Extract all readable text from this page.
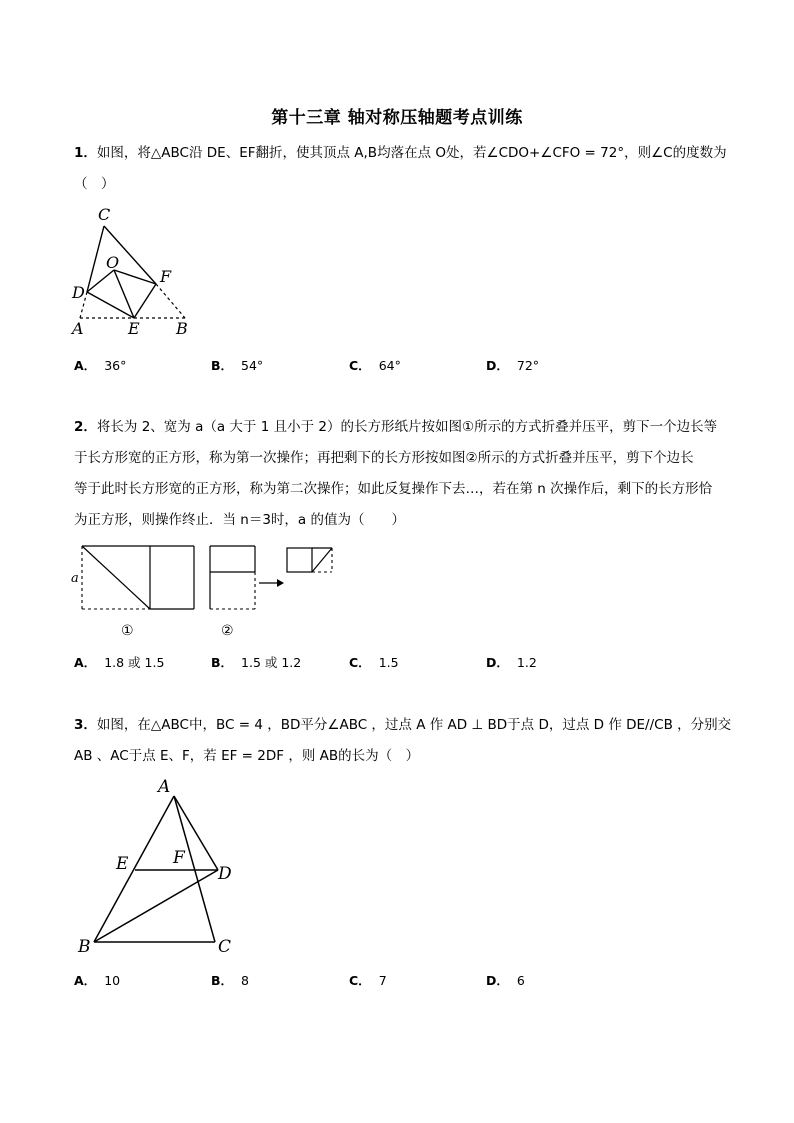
第十三章 轴对称压轴题考点训练
1．如图，将△ABC沿 DE、EF翻折，使其顶点 A,B均落在点 O处，若∠CDO+∠CFO = 72°，则∠C的度数为
（　）
C
O
D
F
A	E B
A． 36°	B． 54°	C． 64°	D． 72°
2．将长为 2、宽为 a（a 大于 1 且小于 2）的长方形纸片按如图①所示的方式折叠并压平，剪下一个边长等
于长方形宽的正方形，称为第一次操作；再把剩下的长方形按如图②所示的方式折叠并压平，剪下个边长
等于此时长方形宽的正方形，称为第二次操作；如此反复操作下去…，若在第 n 次操作后，剩下的长方形恰
为正方形，则操作终止．当 n＝3时，a 的值为（　　）
a
①	②
A． 1.8 或 1.5	B． 1.5 或 1.2	C． 1.5	D． 1.2
3．如图，在△ABC中，BC = 4 ，BD平分∠ABC ，过点 A 作 AD ⊥ BD于点 D，过点 D 作 DE//CB ，分别交
AB 、AC于点 E、F，若 EF = 2DF ，则 AB的长为（　）
A
E	F
D
B	C
A． 10	B． 8	C． 7	D． 6
